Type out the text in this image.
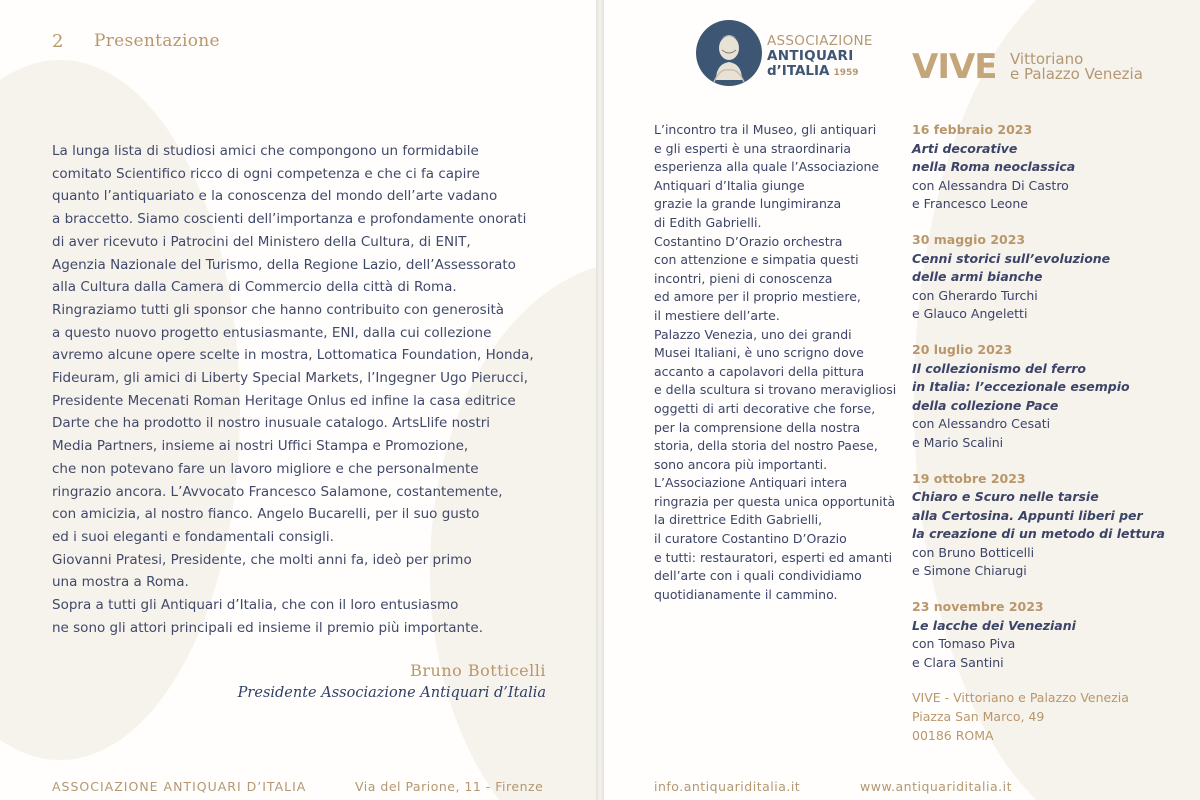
2 Presentazione
La lunga lista di studiosi amici che compongono un formidabile
comitato Scientifico ricco di ogni competenza e che ci fa capire
quanto l’antiquariato e la conoscenza del mondo dell’arte vadano
a braccetto. Siamo coscienti dell’importanza e profondamente onorati
di aver ricevuto i Patrocini del Ministero della Cultura, di ENIT,
Agenzia Nazionale del Turismo, della Regione Lazio, dell’Assessorato
alla Cultura dalla Camera di Commercio della città di Roma.
Ringraziamo tutti gli sponsor che hanno contribuito con generosità
a questo nuovo progetto entusiasmante, ENI, dalla cui collezione
avremo alcune opere scelte in mostra, Lottomatica Foundation, Honda,
Fideuram, gli amici di Liberty Special Markets, l’Ingegner Ugo Pierucci,
Presidente Mecenati Roman Heritage Onlus ed infine la casa editrice
Darte che ha prodotto il nostro inusuale catalogo. ArtsLlife nostri
Media Partners, insieme ai nostri Uffici Stampa e Promozione,
che non potevano fare un lavoro migliore e che personalmente
ringrazio ancora. L’Avvocato Francesco Salamone, costantemente,
con amicizia, al nostro fianco. Angelo Bucarelli, per il suo gusto
ed i suoi eleganti e fondamentali consigli.
Giovanni Pratesi, Presidente, che molti anni fa, ideò per primo
una mostra a Roma.
Sopra a tutti gli Antiquari d’Italia, che con il loro entusiasmo
ne sono gli attori principali ed insieme il premio più importante.
Bruno Botticelli
Presidente Associazione Antiquari d’Italia
ASSOCIAZIONE ANTIQUARI D’ITALIA	Via del Parione, 11 - Firenze
ASSOCIAZIONE
ANTIQUARI
d’ITALIA 1959	VIVE Vittoriano
e Palazzo Venezia
L’incontro tra il Museo, gli antiquari
e gli esperti è una straordinaria
esperienza alla quale l’Associazione
Antiquari d’Italia giunge
grazie la grande lungimiranza
di Edith Gabrielli.
Costantino D’Orazio orchestra
con attenzione e simpatia questi
incontri, pieni di conoscenza
ed amore per il proprio mestiere,
il mestiere dell’arte.
Palazzo Venezia, uno dei grandi
Musei Italiani, è uno scrigno dove
accanto a capolavori della pittura
e della scultura si trovano meravigliosi
oggetti di arti decorative che forse,
per la comprensione della nostra
storia, della storia del nostro Paese,
sono ancora più importanti.
L’Associazione Antiquari intera
ringrazia per questa unica opportunità
la direttrice Edith Gabrielli,
il curatore Costantino D’Orazio
e tutti: restauratori, esperti ed amanti
dell’arte con i quali condividiamo
quotidianamente il cammino.
16 febbraio 2023
Arti decorative
nella Roma neoclassica
con Alessandra Di Castro
e Francesco Leone
30 maggio 2023
Cenni storici sull’evoluzione
delle armi bianche
con Gherardo Turchi
e Glauco Angeletti
20 luglio 2023
Il collezionismo del ferro
in Italia: l’eccezionale esempio
della collezione Pace
con Alessandro Cesati
e Mario Scalini
19 ottobre 2023
Chiaro e Scuro nelle tarsie
alla Certosina. Appunti liberi per
la creazione di un metodo di lettura
con Bruno Botticelli
e Simone Chiarugi
23 novembre 2023
Le lacche dei Veneziani
con Tomaso Piva
e Clara Santini
VIVE - Vittoriano e Palazzo Venezia
Piazza San Marco, 49
00186 ROMA
info.antiquariditalia.it	www.antiquariditalia.it
